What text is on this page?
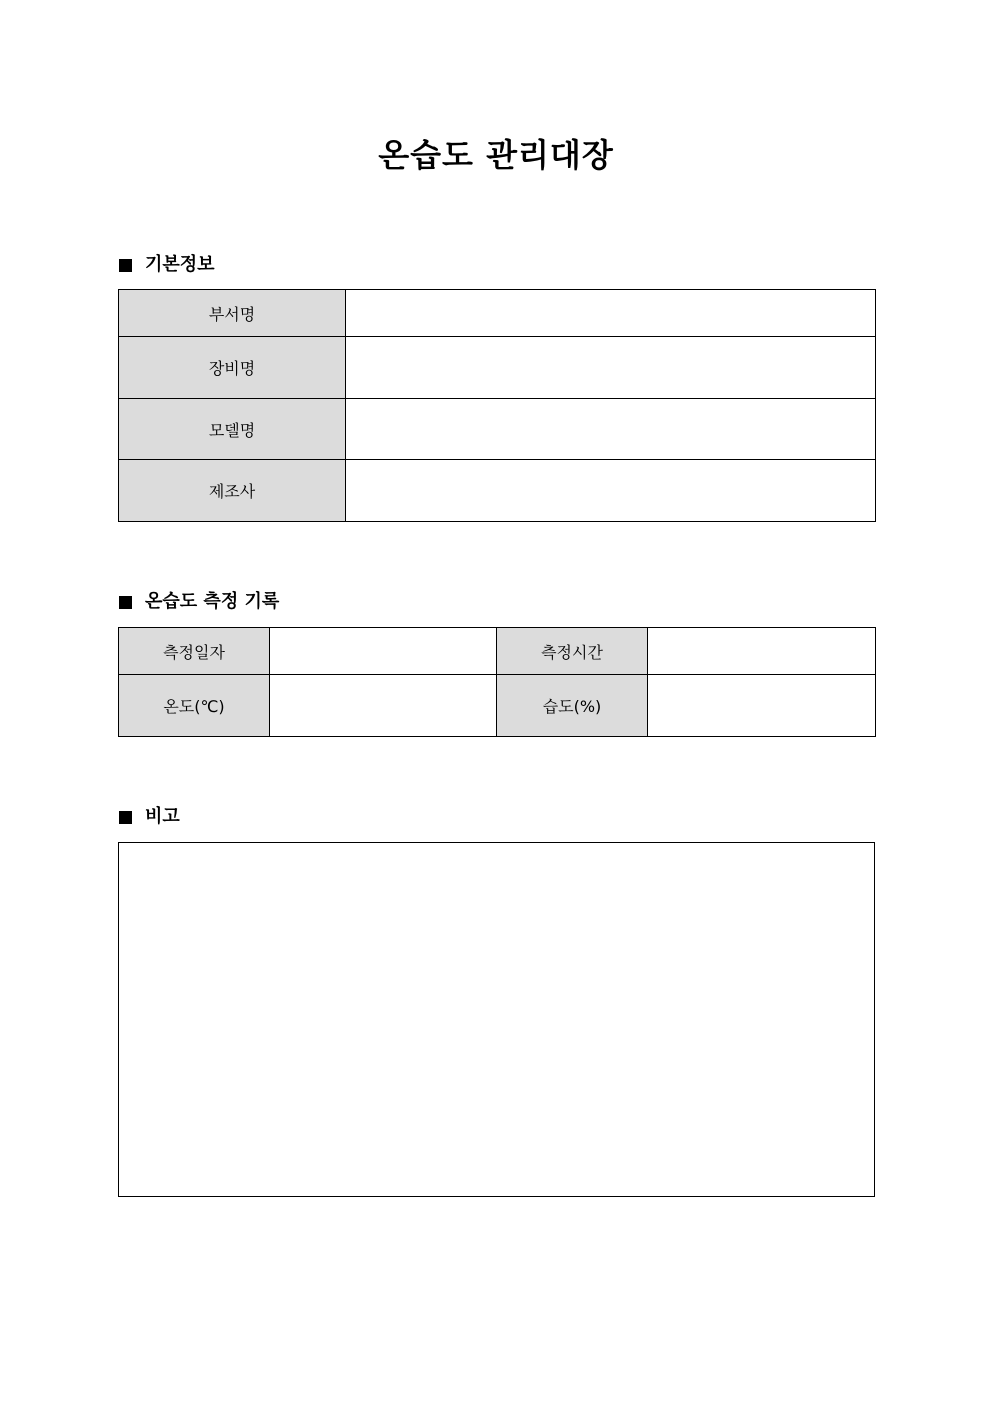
온습도 관리대장
기본정보
부서명	
장비명	
모델명	
제조사	
온습도 측정 기록
측정일자		측정시간	
온도(℃)		습도(%)	
비고
